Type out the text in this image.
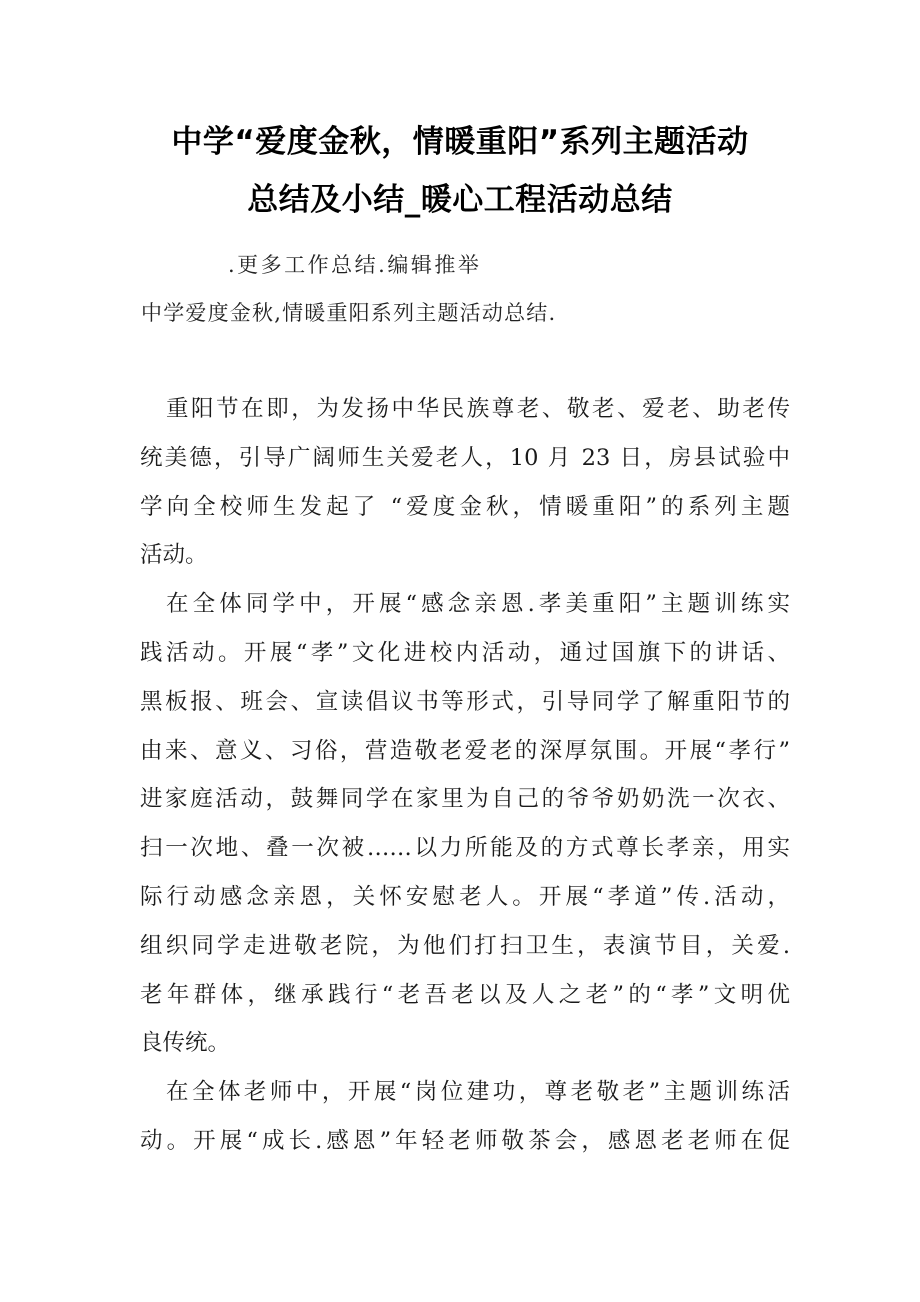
中学“爱度金秋，情暖重阳”系列主题活动
总结及小结_暖心工程活动总结
.更多工作总结.编辑推举
中学爱度金秋,情暖重阳系列主题活动总结.
重阳节在即，为发扬中华民族尊老、敬老、爱老、助老传
统美德，引导广阔师生关爱老人，10 月 23 日，房县试验中
学向全校师生发起了 “爱度金秋，情暖重阳”的系列主题
活动。
在全体同学中，开展“感念亲恩.孝美重阳”主题训练实
践活动。开展“孝”文化进校内活动，通过国旗下的讲话、
黑板报、班会、宣读倡议书等形式，引导同学了解重阳节的
由来、意义、习俗，营造敬老爱老的深厚氛围。开展“孝行”
进家庭活动，鼓舞同学在家里为自己的爷爷奶奶洗一次衣、
扫一次地、叠一次被……以力所能及的方式尊长孝亲，用实
际行动感念亲恩，关怀安慰老人。开展“孝道”传.活动，
组织同学走进敬老院，为他们打扫卫生，表演节目，关爱.
老年群体，继承践行“老吾老以及人之老”的“孝”文明优
良传统。
在全体老师中，开展“岗位建功，尊老敬老”主题训练活
动。开展“成长.感恩”年轻老师敬茶会，感恩老老师在促
